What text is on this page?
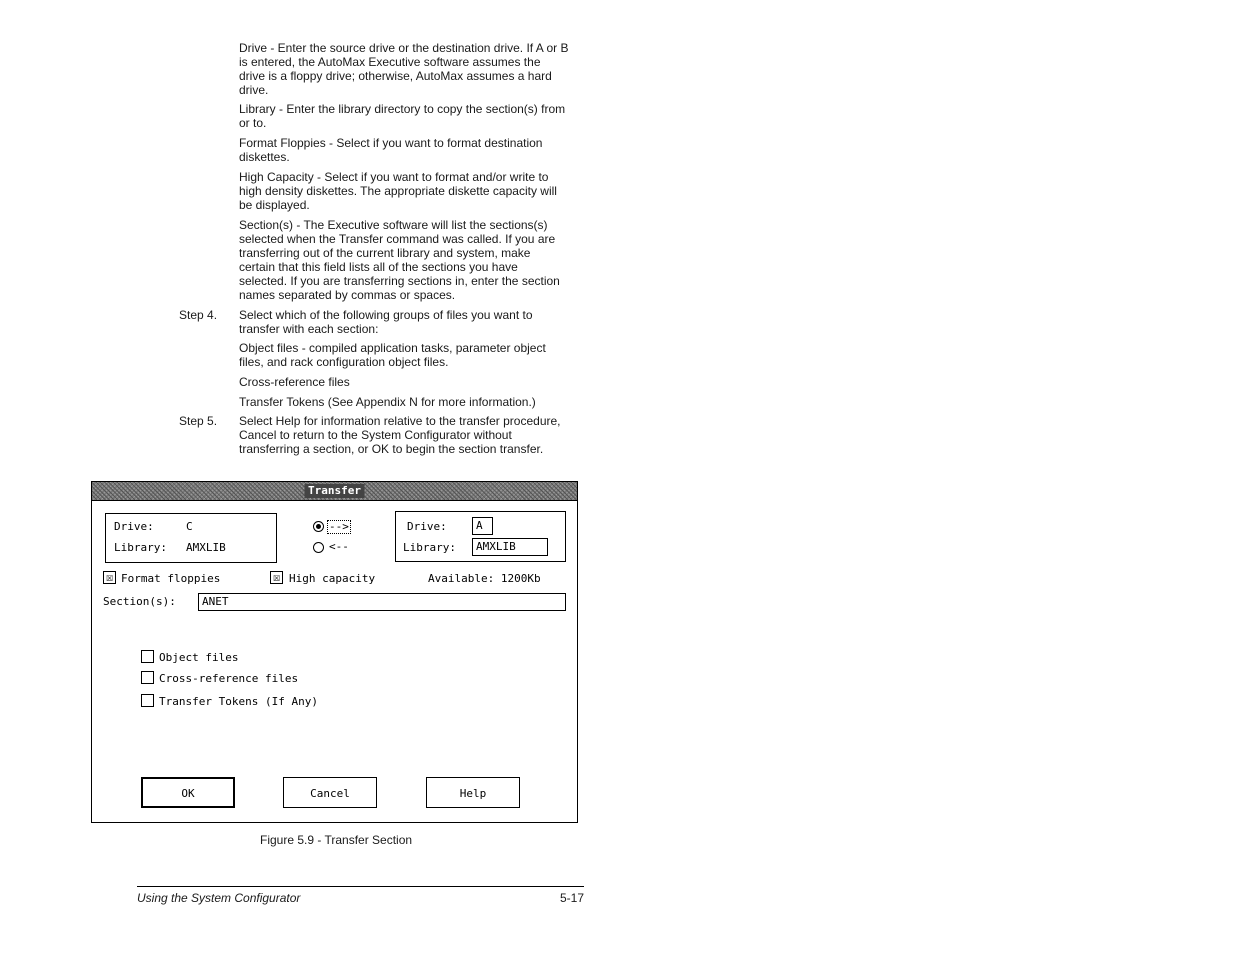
Drive - Enter the source drive or the destination drive. If A or B is entered, the AutoMax Executive software assumes the drive is a floppy drive; otherwise, AutoMax assumes a hard drive.

Library - Enter the library directory to copy the section(s) from or to.

Format Floppies - Select if you want to format destination diskettes.

High Capacity - Select if you want to format and/or write to high density diskettes. The appropriate diskette capacity will be displayed.

Section(s) - The Executive software will list the sections(s) selected when the Transfer command was called. If you are transferring out of the current library and system, make certain that this field lists all of the sections you have selected. If you are transferring sections in, enter the section names separated by commas or spaces.

Step 4. Select which of the following groups of files you want to transfer with each section:

Object files - compiled application tasks, parameter object files, and rack configuration object files.

Cross-reference files

Transfer Tokens (See Appendix N for more information.)

Step 5. Select Help for information relative to the transfer procedure, Cancel to return to the System Configurator without transferring a section, or OK to begin the section transfer.

Transfer
Drive:	C
Library: AMXLIB
-->
<--
Drive:	A
Library:	AMXLIB
☒ Format floppies	☒ High capacity	Available: 1200Kb
Section(s):	ANET
Object files
Cross-reference files
Transfer Tokens (If Any)
OK	Cancel	Help
Figure 5.9 - Transfer Section
Using the System Configurator	5-17
